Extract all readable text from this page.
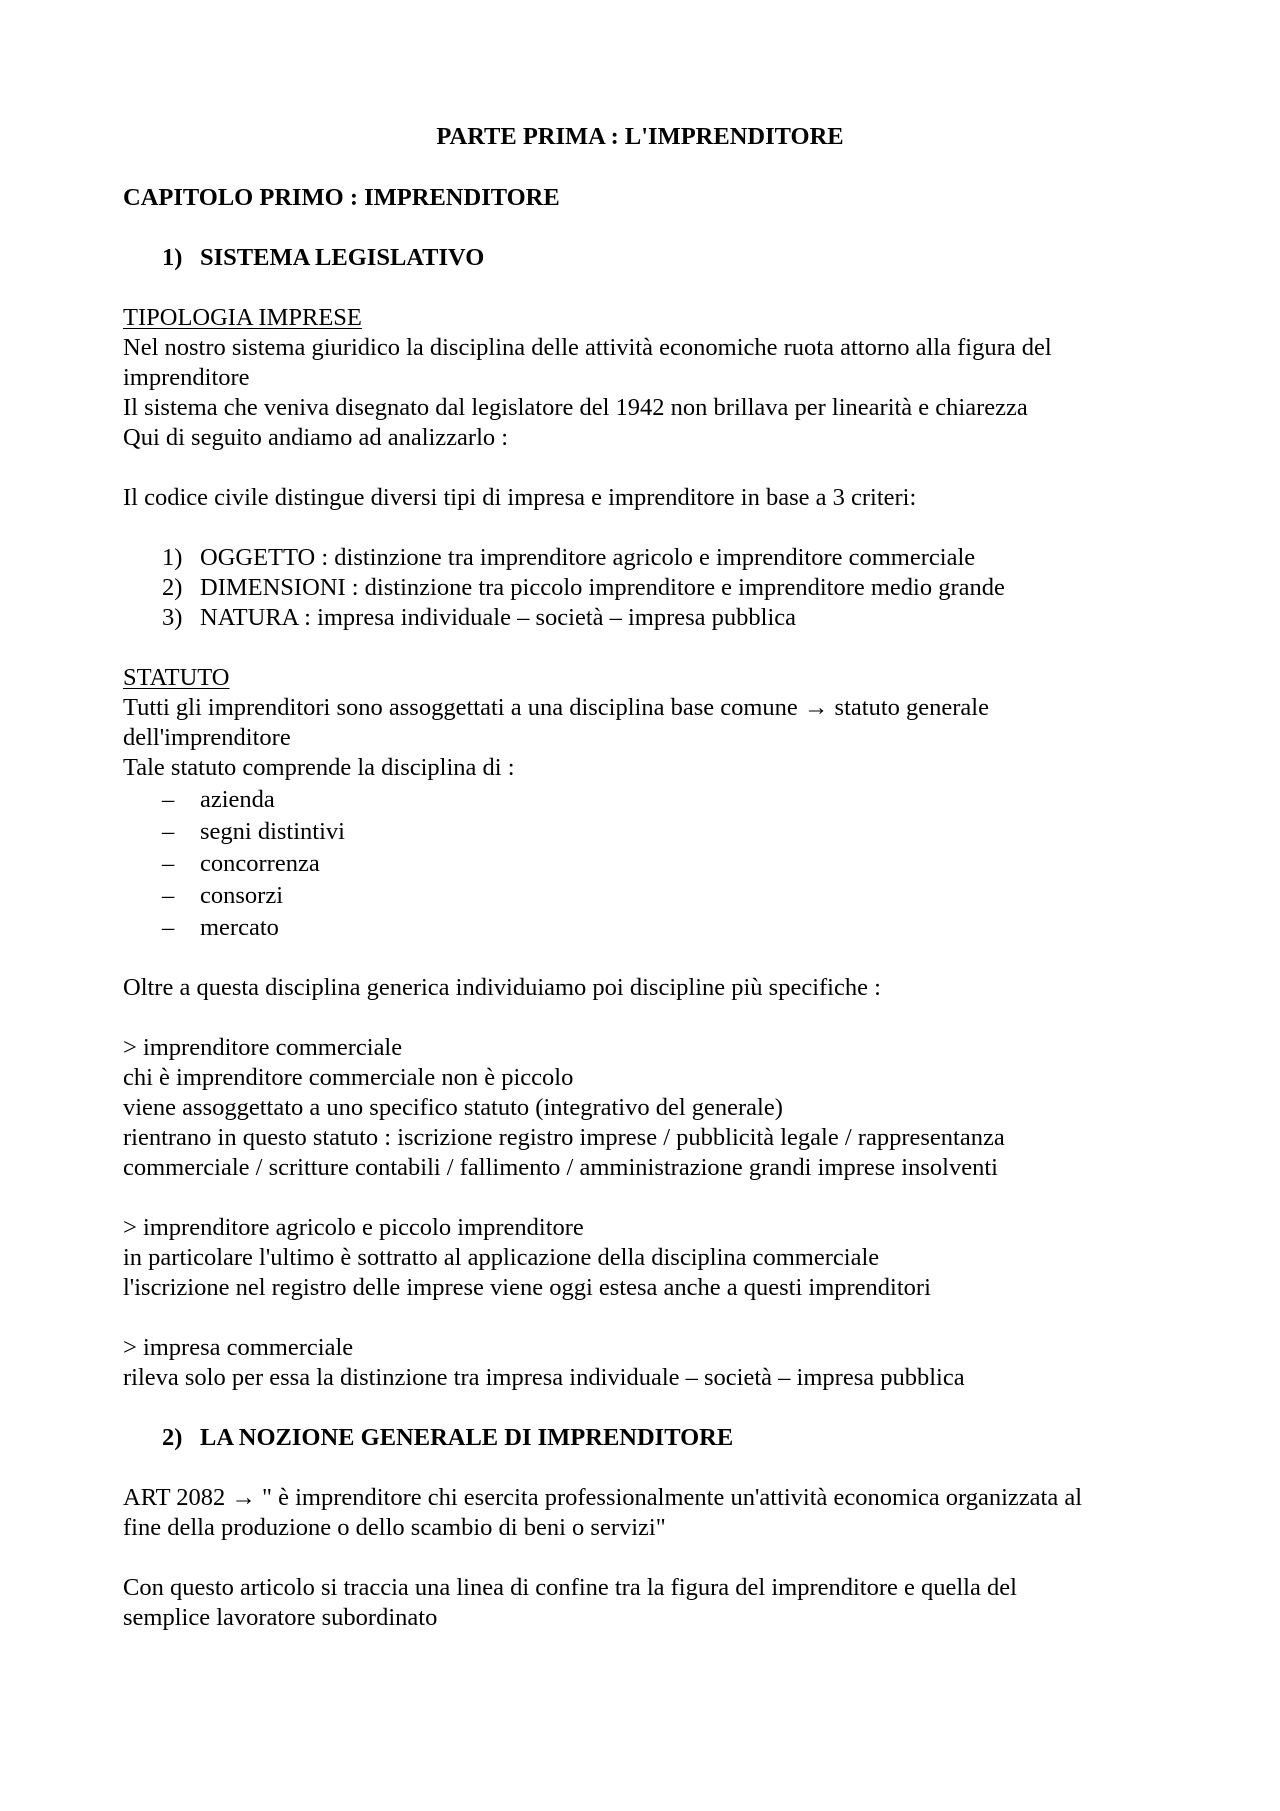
PARTE PRIMA : L'IMPRENDITORE
CAPITOLO PRIMO : IMPRENDITORE
1) SISTEMA LEGISLATIVO
TIPOLOGIA IMPRESE
Nel nostro sistema giuridico la disciplina delle attività economiche ruota attorno alla figura del
imprenditore
Il sistema che veniva disegnato dal legislatore del 1942 non brillava per linearità e chiarezza
Qui di seguito andiamo ad analizzarlo :
Il codice civile distingue diversi tipi di impresa e imprenditore in base a 3 criteri:
1) OGGETTO : distinzione tra imprenditore agricolo e imprenditore commerciale
2) DIMENSIONI : distinzione tra piccolo imprenditore e imprenditore medio grande
3) NATURA : impresa individuale – società – impresa pubblica
STATUTO
Tutti gli imprenditori sono assoggettati a una disciplina base comune → statuto generale
dell'imprenditore
Tale statuto comprende la disciplina di :
– azienda
– segni distintivi
– concorrenza
– consorzi
– mercato
Oltre a questa disciplina generica individuiamo poi discipline più specifiche :
> imprenditore commerciale
chi è imprenditore commerciale non è piccolo
viene assoggettato a uno specifico statuto (integrativo del generale)
rientrano in questo statuto : iscrizione registro imprese / pubblicità legale / rappresentanza
commerciale / scritture contabili / fallimento / amministrazione grandi imprese insolventi
> imprenditore agricolo e piccolo imprenditore
in particolare l'ultimo è sottratto al applicazione della disciplina commerciale
l'iscrizione nel registro delle imprese viene oggi estesa anche a questi imprenditori
> impresa commerciale
rileva solo per essa la distinzione tra impresa individuale – società – impresa pubblica
2) LA NOZIONE GENERALE DI IMPRENDITORE
ART 2082 → " è imprenditore chi esercita professionalmente un'attività economica organizzata al
fine della produzione o dello scambio di beni o servizi"
Con questo articolo si traccia una linea di confine tra la figura del imprenditore e quella del
semplice lavoratore subordinato
